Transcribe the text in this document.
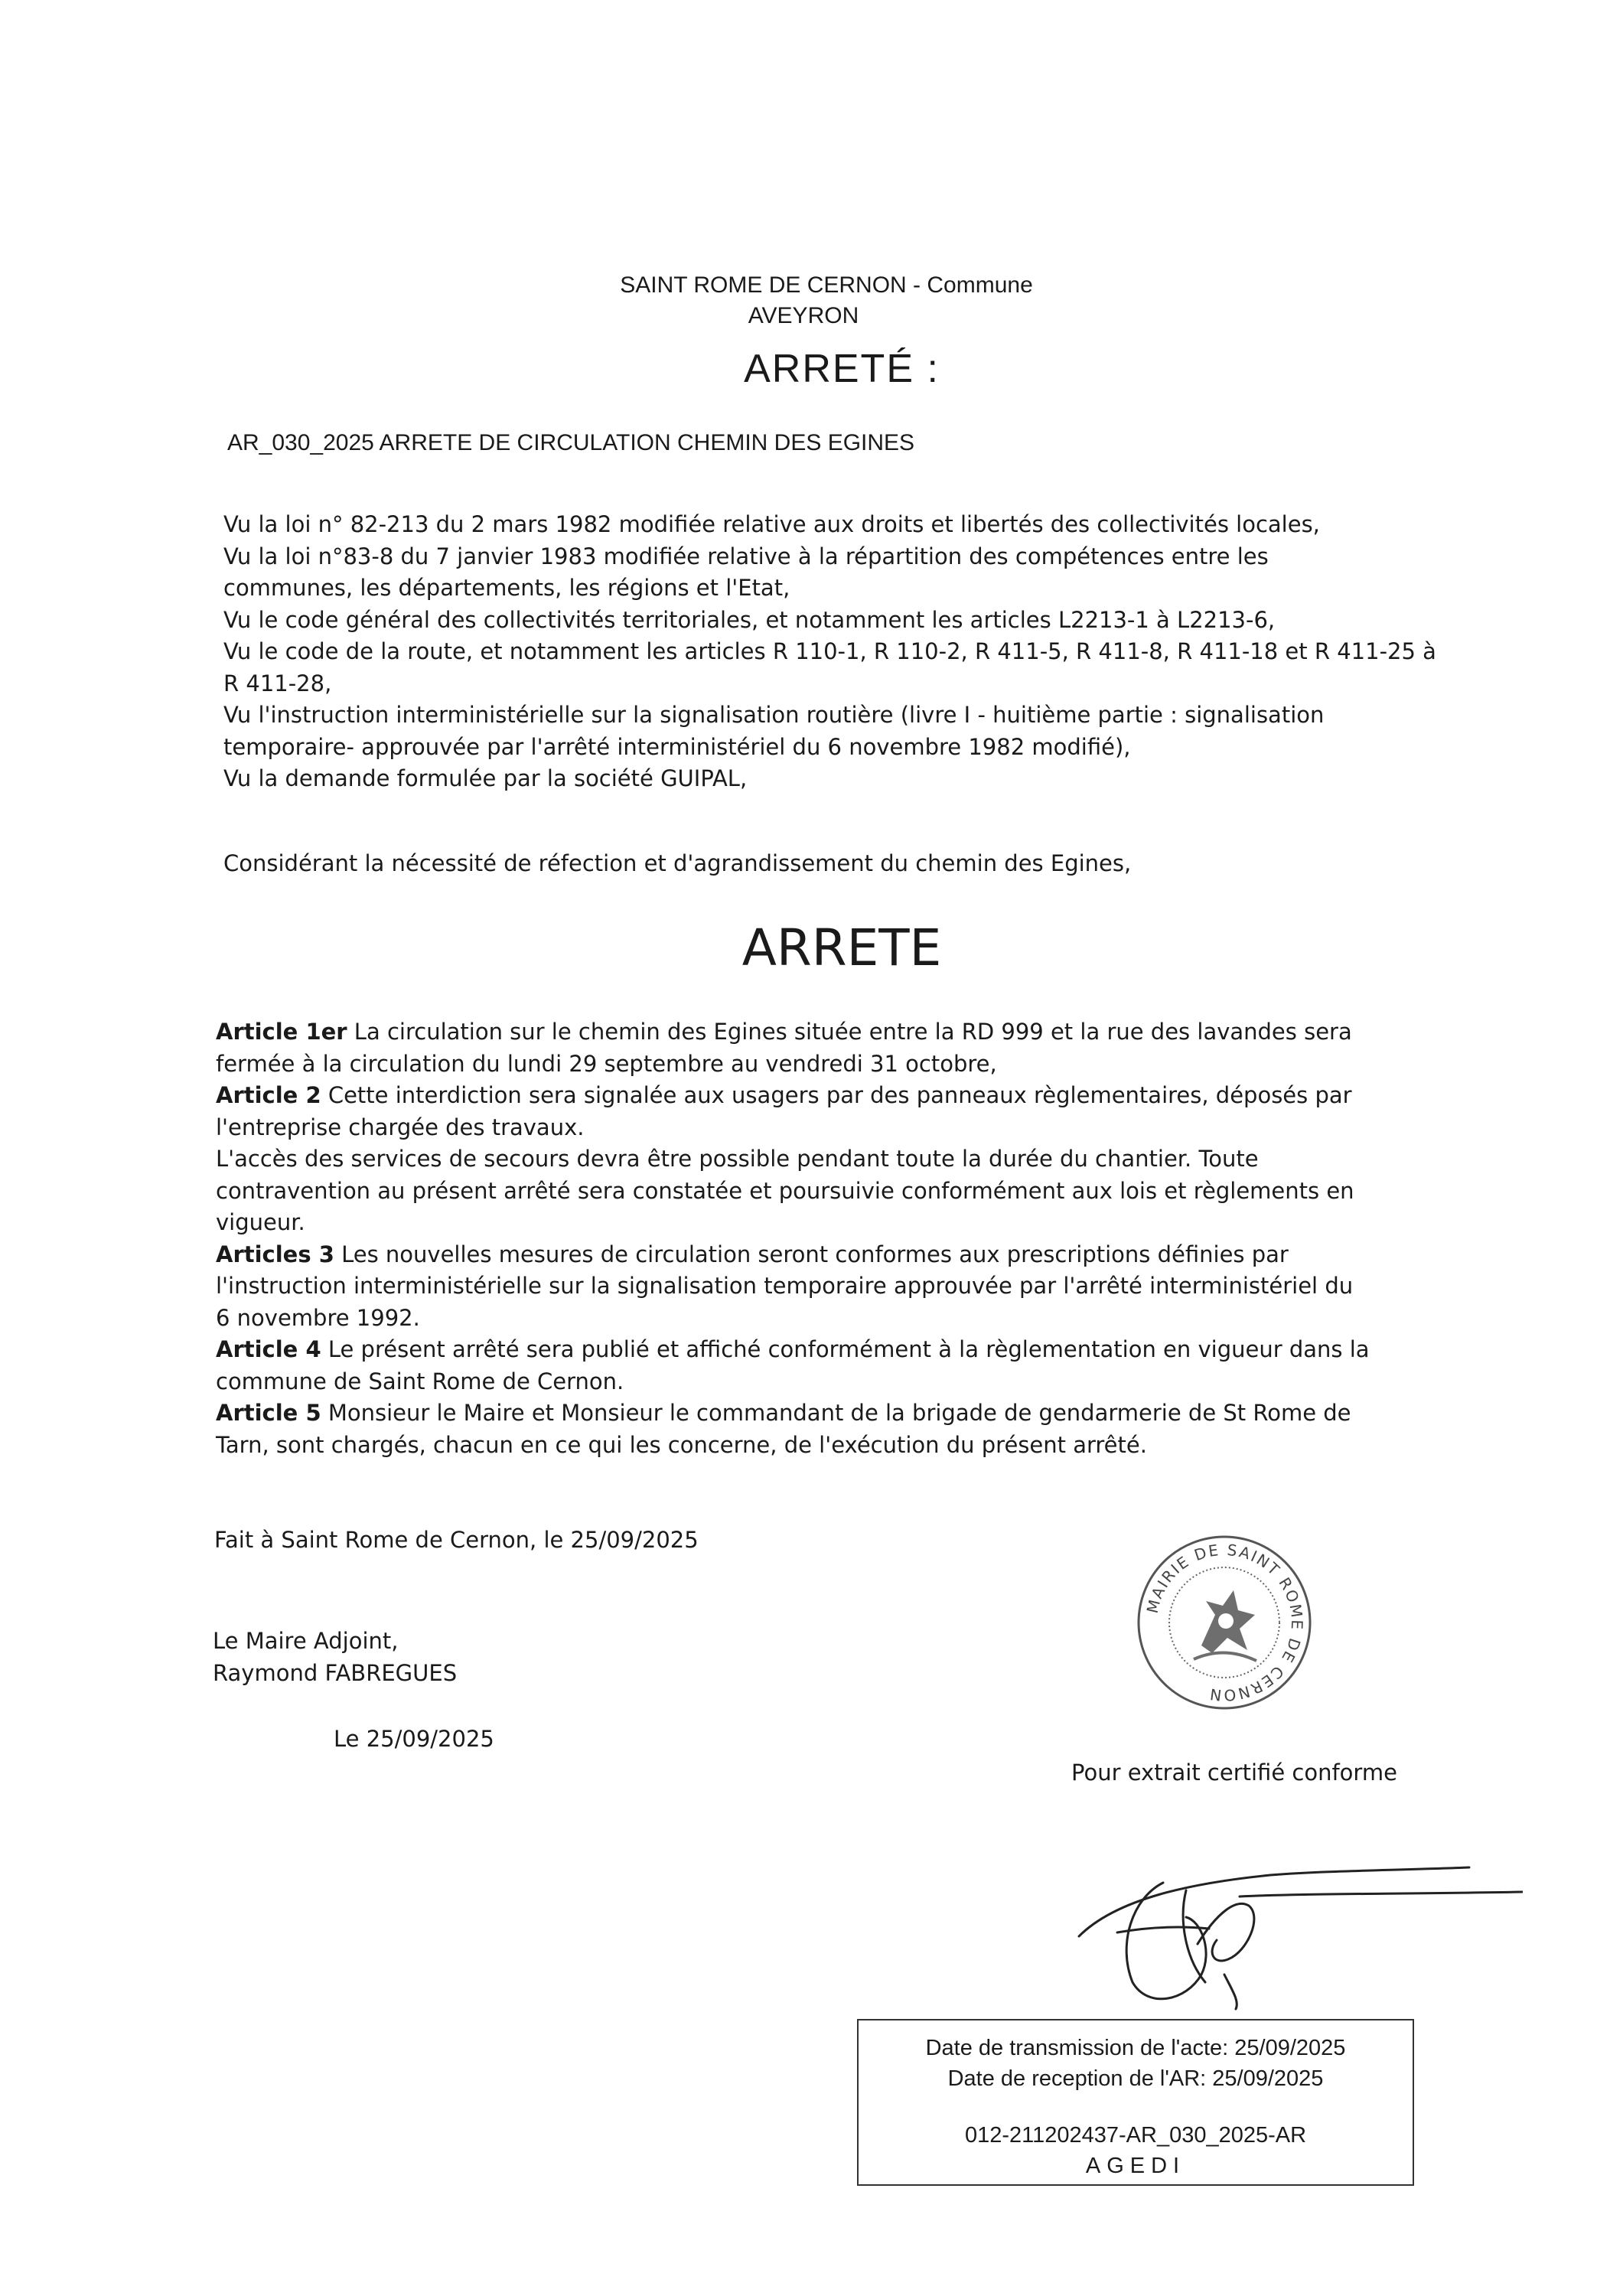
SAINT ROME DE CERNON - Commune
AVEYRON
ARRETÉ :
AR_030_2025 ARRETE DE CIRCULATION CHEMIN DES EGINES
Vu la loi n° 82-213 du 2 mars 1982 modifiée relative aux droits et libertés des collectivités locales,
Vu la loi n°83-8 du 7 janvier 1983 modifiée relative à la répartition des compétences entre les
communes, les départements, les régions et l'Etat,
Vu le code général des collectivités territoriales, et notamment les articles L2213-1 à L2213-6,
Vu le code de la route, et notamment les articles R 110-1, R 110-2, R 411-5, R 411-8, R 411-18 et R 411-25 à
R 411-28,
Vu l'instruction interministérielle sur la signalisation routière (livre I - huitième partie : signalisation
temporaire- approuvée par l'arrêté interministériel du 6 novembre 1982 modifié),
Vu la demande formulée par la société GUIPAL,
Considérant la nécessité de réfection et d'agrandissement du chemin des Egines,
ARRETE
Article 1er La circulation sur le chemin des Egines située entre la RD 999 et la rue des lavandes sera
fermée à la circulation du lundi 29 septembre au vendredi 31 octobre,
Article 2 Cette interdiction sera signalée aux usagers par des panneaux règlementaires, déposés par
l'entreprise chargée des travaux.
L'accès des services de secours devra être possible pendant toute la durée du chantier. Toute
contravention au présent arrêté sera constatée et poursuivie conformément aux lois et règlements en
vigueur.
Articles 3 Les nouvelles mesures de circulation seront conformes aux prescriptions définies par
l'instruction interministérielle sur la signalisation temporaire approuvée par l'arrêté interministériel du
6 novembre 1992.
Article 4 Le présent arrêté sera publié et affiché conformément à la règlementation en vigueur dans la
commune de Saint Rome de Cernon.
Article 5 Monsieur le Maire et Monsieur le commandant de la brigade de gendarmerie de St Rome de
Tarn, sont chargés, chacun en ce qui les concerne, de l'exécution du présent arrêté.
Fait à Saint Rome de Cernon, le 25/09/2025
Le Maire Adjoint,
Raymond FABREGUES
Le 25/09/2025
Pour extrait certifié conforme
MAIRIE DE SAINT ROME DE CERNON
Date de transmission de l'acte: 25/09/2025
Date de reception de l'AR: 25/09/2025
012-211202437-AR_030_2025-AR
AGEDI
